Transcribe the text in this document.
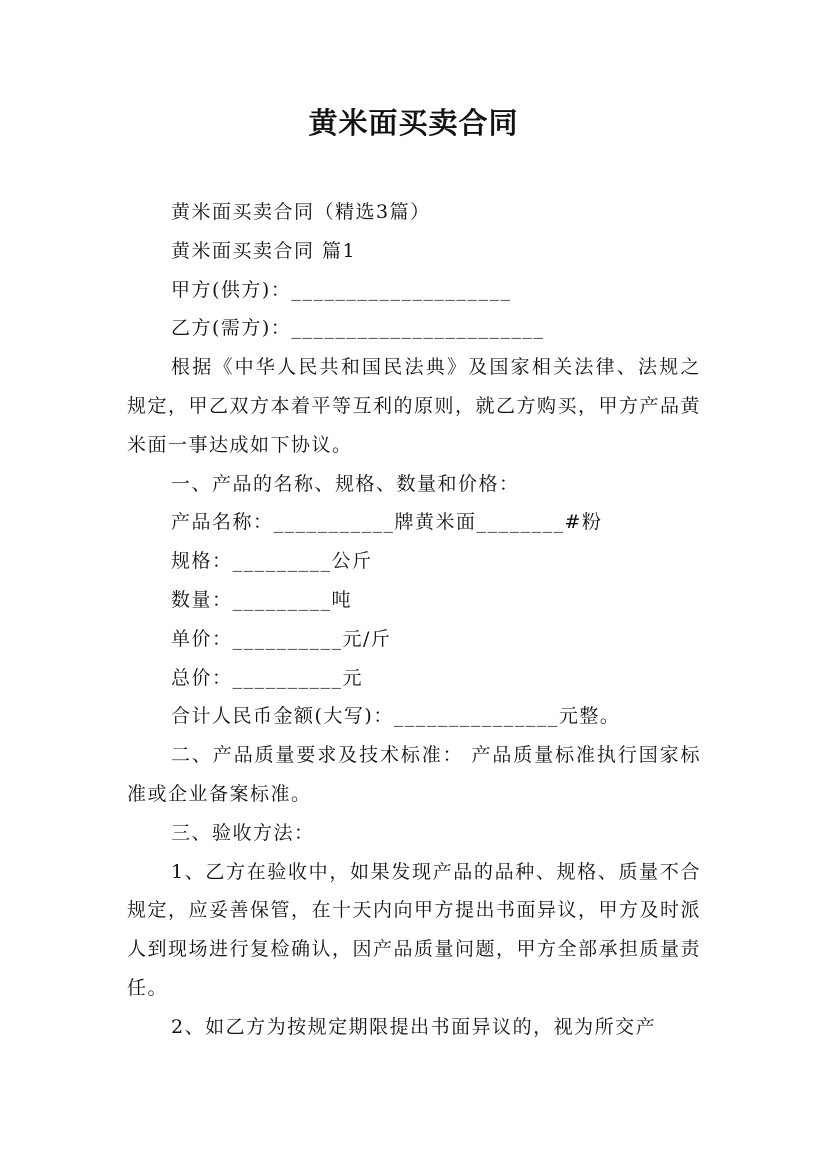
黄米面买卖合同

黄米面买卖合同（精选3篇）

黄米面买卖合同 篇1

甲方(供方)：____________________

乙方(需方)：_______________________

根据《中华人民共和国民法典》及国家相关法律、法规之规定，甲乙双方本着平等互利的原则，就乙方购买，甲方产品黄米面一事达成如下协议。

一、产品的名称、规格、数量和价格：

产品名称：___________牌黄米面________#粉

规格：_________公斤

数量：_________吨

单价：__________元/斤

总价：__________元

合计人民币金额(大写)：_______________元整。

二、产品质量要求及技术标准： 产品质量标准执行国家标准或企业备案标准。

三、验收方法：

1、乙方在验收中，如果发现产品的品种、规格、质量不合规定，应妥善保管，在十天内向甲方提出书面异议，甲方及时派人到现场进行复检确认，因产品质量问题，甲方全部承担质量责任。

2、如乙方为按规定期限提出书面异议的，视为所交产
